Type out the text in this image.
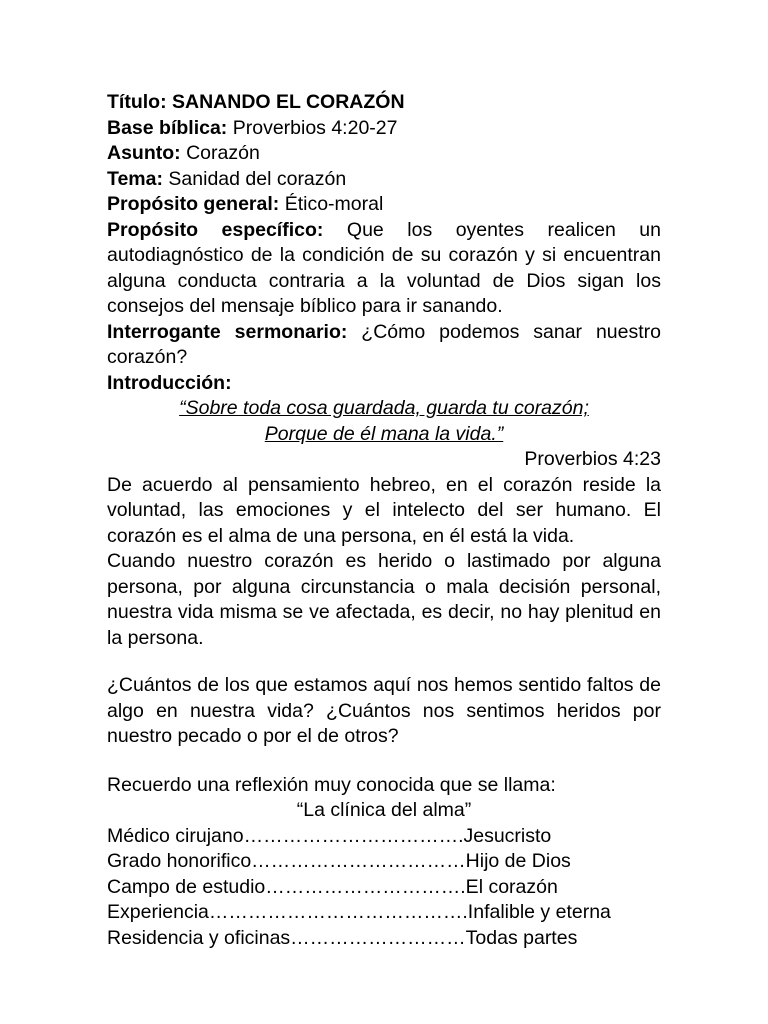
Título: SANANDO EL CORAZÓN

Base bíblica: Proverbios 4:20-27

Asunto: Corazón

Tema: Sanidad del corazón

Propósito general: Ético-moral

Propósito específico: Que los oyentes realicen un autodiagnóstico de la condición de su corazón y si encuentran alguna conducta contraria a la voluntad de Dios sigan los consejos del mensaje bíblico para ir sanando.

Interrogante sermonario: ¿Cómo podemos sanar nuestro corazón?

Introducción:

“Sobre toda cosa guardada, guarda tu corazón;

Porque de él mana la vida.”

Proverbios 4:23

De acuerdo al pensamiento hebreo, en el corazón reside la voluntad, las emociones y el intelecto del ser humano. El corazón es el alma de una persona, en él está la vida.

Cuando nuestro corazón es herido o lastimado por alguna persona, por alguna circunstancia o mala decisión personal, nuestra vida misma se ve afectada, es decir, no hay plenitud en la persona.

¿Cuántos de los que estamos aquí nos hemos sentido faltos de algo en nuestra vida? ¿Cuántos nos sentimos heridos por nuestro pecado o por el de otros?

Recuerdo una reflexión muy conocida que se llama:

“La clínica del alma”

Médico cirujano…………………………….Jesucristo

Grado honorifico……………………………Hijo de Dios

Campo de estudio………………………….El corazón

Experiencia………………………………….Infalible y eterna

Residencia y oficinas………………………Todas partes
